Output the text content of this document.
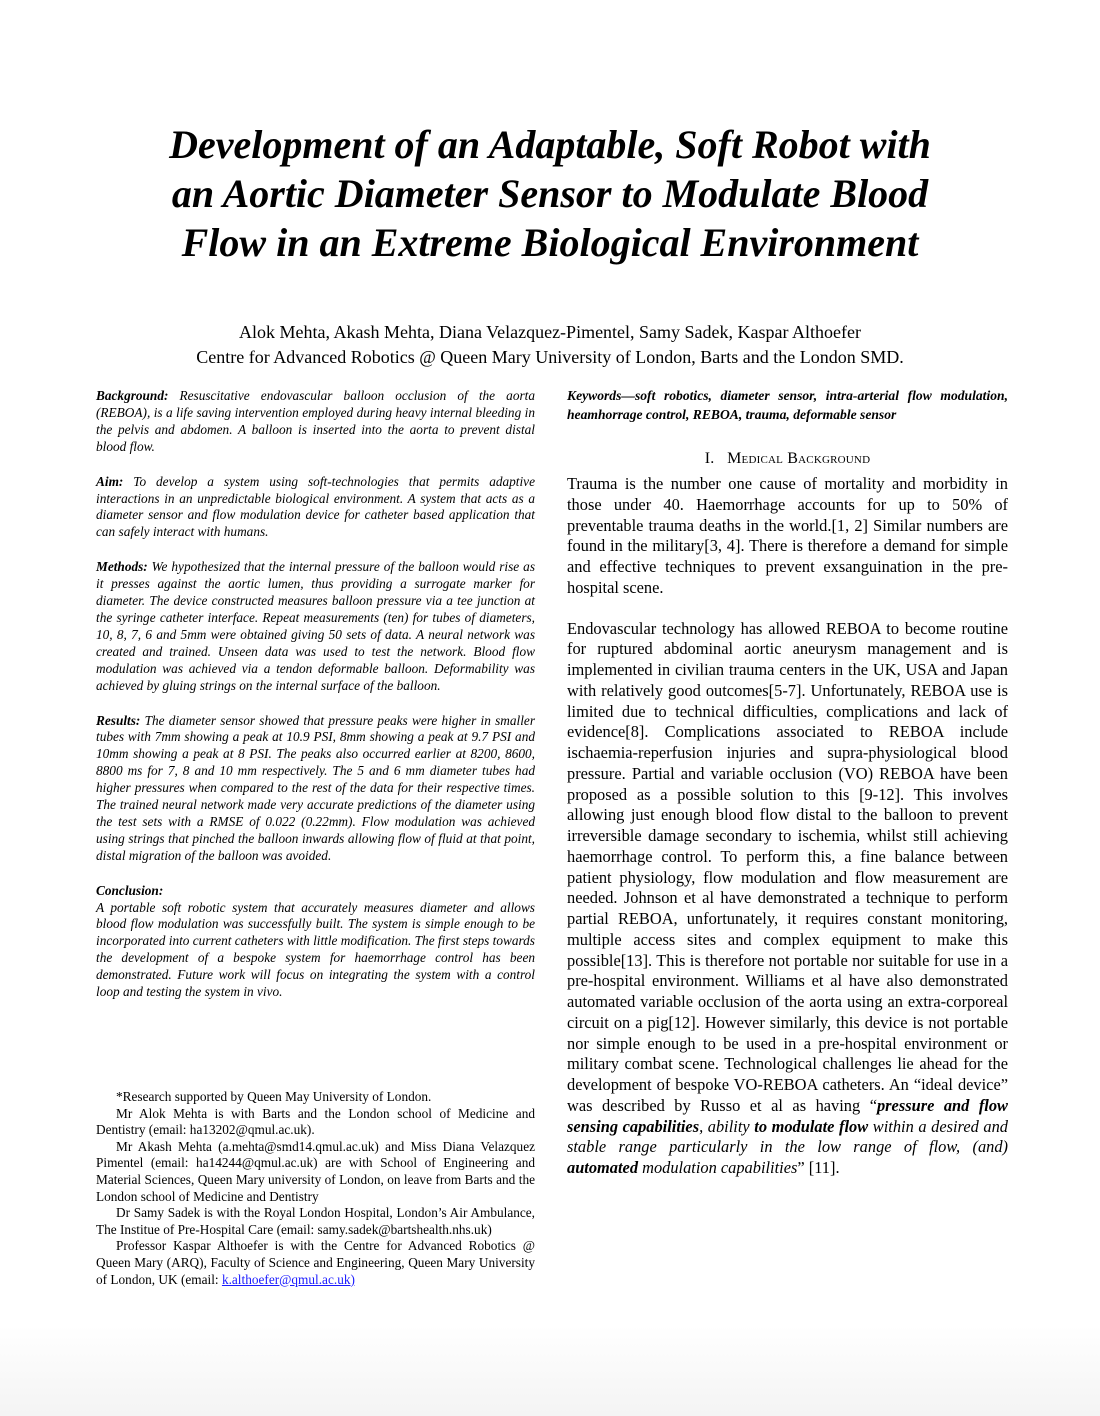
Development of an Adaptable, Soft Robot with
an Aortic Diameter Sensor to Modulate Blood
Flow in an Extreme Biological Environment
Alok Mehta, Akash Mehta, Diana Velazquez-Pimentel, Samy Sadek, Kaspar Althoefer
Centre for Advanced Robotics @ Queen Mary University of London, Barts and the London SMD.

Background: Resuscitative endovascular balloon occlusion of the aorta (REBOA), is a life saving intervention employed during heavy internal bleeding in the pelvis and abdomen. A balloon is inserted into the aorta to prevent distal blood flow.

Aim: To develop a system using soft-technologies that permits adaptive interactions in an unpredictable biological environment. A system that acts as a diameter sensor and flow modulation device for catheter based application that can safely interact with humans.

Methods: We hypothesized that the internal pressure of the balloon would rise as it presses against the aortic lumen, thus providing a surrogate marker for diameter. The device constructed measures balloon pressure via a tee junction at the syringe catheter interface. Repeat measurements (ten) for tubes of diameters, 10, 8, 7, 6 and 5mm were obtained giving 50 sets of data. A neural network was created and trained. Unseen data was used to test the network. Blood flow modulation was achieved via a tendon deformable balloon. Deformability was achieved by gluing strings on the internal surface of the balloon.

Results: The diameter sensor showed that pressure peaks were higher in smaller tubes with 7mm showing a peak at 10.9 PSI, 8mm showing a peak at 9.7 PSI and 10mm showing a peak at 8 PSI. The peaks also occurred earlier at 8200, 8600, 8800 ms for 7, 8 and 10 mm respectively. The 5 and 6 mm diameter tubes had higher pressures when compared to the rest of the data for their respective times. The trained neural network made very accurate predictions of the diameter using the test sets with a RMSE of 0.022 (0.22mm). Flow modulation was achieved using strings that pinched the balloon inwards allowing flow of fluid at that point, distal migration of the balloon was avoided.

Conclusion:
A portable soft robotic system that accurately measures diameter and allows blood flow modulation was successfully built. The system is simple enough to be incorporated into current catheters with little modification. The first steps towards the development of a bespoke system for haemorrhage control has been demonstrated. Future work will focus on integrating the system with a control loop and testing the system in vivo.

*Research supported by Queen May University of London.

Mr Alok Mehta is with Barts and the London school of Medicine and Dentistry (email: ha13202@qmul.ac.uk).

Mr Akash Mehta (a.mehta@smd14.qmul.ac.uk) and Miss Diana Velazquez Pimentel (email: ha14244@qmul.ac.uk) are with School of Engineering and Material Sciences, Queen Mary university of London, on leave from Barts and the London school of Medicine and Dentistry

Dr Samy Sadek is with the Royal London Hospital, London’s Air Ambulance, The Institue of Pre-Hospital Care (email: samy.sadek@bartshealth.nhs.uk)

Professor Kaspar Althoefer is with the Centre for Advanced Robotics @ Queen Mary (ARQ), Faculty of Science and Engineering, Queen Mary University of London, UK (email: k.althoefer@qmul.ac.uk)

Keywords—soft robotics, diameter sensor, intra-arterial flow modulation, heamhorrage control, REBOA, trauma, deformable sensor

I. Medical Background

Trauma is the number one cause of mortality and morbidity in those under 40. Haemorrhage accounts for up to 50% of preventable trauma deaths in the world.[1, 2] Similar numbers are found in the military[3, 4]. There is therefore a demand for simple and effective techniques to prevent exsanguination in the pre-hospital scene.

Endovascular technology has allowed REBOA to become routine for ruptured abdominal aortic aneurysm management and is implemented in civilian trauma centers in the UK, USA and Japan with relatively good outcomes[5-7]. Unfortunately, REBOA use is limited due to technical difficulties, complications and lack of evidence[8]. Complications associated to REBOA include ischaemia-reperfusion injuries and supra-physiological blood pressure. Partial and variable occlusion (VO) REBOA have been proposed as a possible solution to this [9-12]. This involves allowing just enough blood flow distal to the balloon to prevent irreversible damage secondary to ischemia, whilst still achieving haemorrhage control. To perform this, a fine balance between patient physiology, flow modulation and flow measurement are needed. Johnson et al have demonstrated a technique to perform partial REBOA, unfortunately, it requires constant monitoring, multiple access sites and complex equipment to make this possible[13]. This is therefore not portable nor suitable for use in a pre-hospital environment. Williams et al have also demonstrated automated variable occlusion of the aorta using an extra-corporeal circuit on a pig[12]. However similarly, this device is not portable nor simple enough to be used in a pre-hospital environment or military combat scene. Technological challenges lie ahead for the development of bespoke VO-REBOA catheters. An “ideal device” was described by Russo et al as having “pressure and flow sensing capabilities, ability to modulate flow within a desired and stable range particularly in the low range of flow, (and) automated modulation capabilities” [11].
